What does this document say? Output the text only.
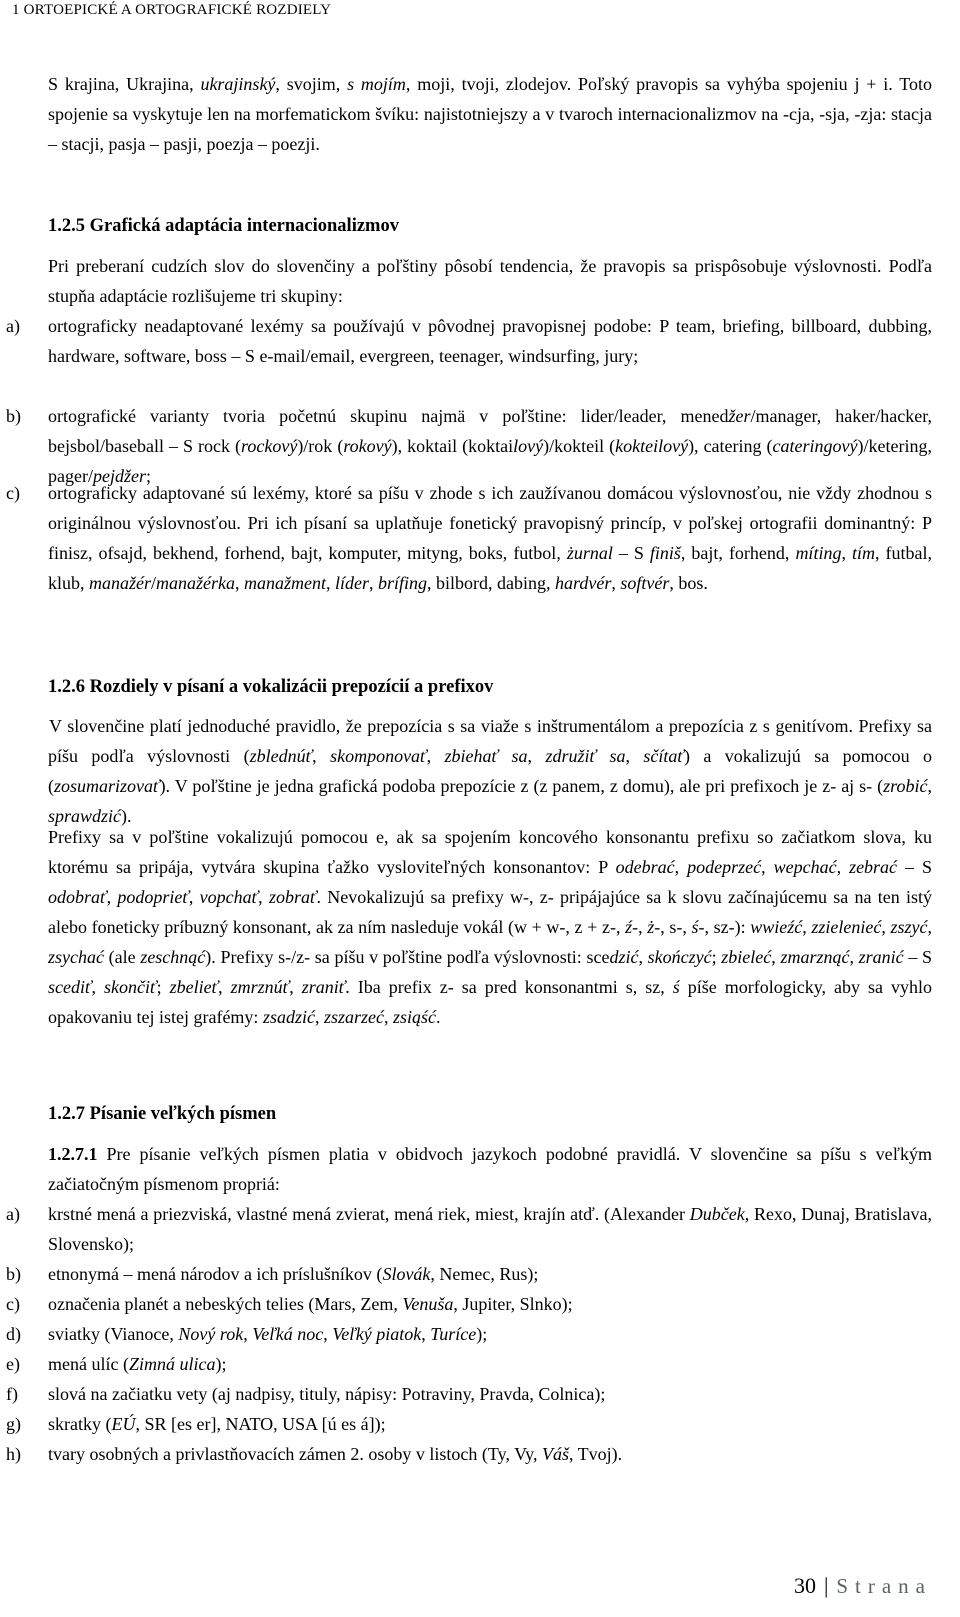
1 ORTOEPICKÉ A ORTOGRAFICKÉ ROZDIELY
S krajina, Ukrajina, ukrajinský, svojim, s mojím, moji, tvoji, zlodejov. Poľský pravopis sa vyhýba spojeniu j + i. Toto spojenie sa vyskytuje len na morfematickom švíku: najistotniejszy a v tvaroch internacionalizmov na -cja, -sja, -zja: stacja – stacji, pasja – pasji, poezja – poezji.
1.2.5 Grafická adaptácia internacionalizmov
Pri preberaní cudzích slov do slovenčiny a poľštiny pôsobí tendencia, že pravopis sa prispôsobuje výslovnosti. Podľa stupňa adaptácie rozlišujeme tri skupiny:
a)	ortograficky neadaptované lexémy sa používajú v pôvodnej pravopisnej podobe: P team, briefing, billboard, dubbing, hardware, software, boss – S e-mail/email, evergreen, teenager, windsurfing, jury;
b)	ortografické varianty tvoria početnú skupinu najmä v poľštine: lider/leader, menedžer/manager, haker/hacker, bejsbol/baseball – S rock (rockový)/rok (rokový), koktail (koktailový)/kokteil (kokteilový), catering (cateringový)/ketering, pager/pejdžer;
c)	ortograficky adaptované sú lexémy, ktoré sa píšu v zhode s ich zaužívanou domácou výslovnosťou, nie vždy zhodnou s originálnou výslovnosťou. Pri ich písaní sa uplatňuje fonetický pravopisný princíp, v poľskej ortografii dominantný: P finisz, ofsajd, bekhend, forhend, bajt, komputer, mityng, boks, futbol, żurnal – S finiš, bajt, forhend, míting, tím, futbal, klub, manažér/manažérka, manažment, líder, brífing, bilbord, dabing, hardvér, softvér, bos.
1.2.6 Rozdiely v písaní a vokalizácii prepozícií a prefixov
V slovenčine platí jednoduché pravidlo, že prepozícia s sa viaže s inštrumentálom a prepozícia z s genitívom. Prefixy sa píšu podľa výslovnosti (zblednúť, skomponovať, zbiehať sa, združiť sa, sčítať) a vokalizujú sa pomocou o (zosumarizovať). V poľštine je jedna grafická podoba prepozície z (z panem, z domu), ale pri prefixoch je z- aj s- (zrobić, sprawdzić).
Prefixy sa v poľštine vokalizujú pomocou e, ak sa spojením koncového konsonantu prefixu so začiatkom slova, ku ktorému sa pripája, vytvára skupina ťažko vysloviteľných konsonantov: P odebrać, podeprzeć, wepchać, zebrać – S odobrať, podoprieť, vopchať, zobrať. Nevokalizujú sa prefixy w-, z- pripájajúce sa k slovu začínajúcemu sa na ten istý alebo foneticky príbuzný konsonant, ak za ním nasleduje vokál (w + w-, z + z-, ź-, ż-, s-, ś-, sz-): wwieźć, zzielenieć, zszyć, zsychać (ale zeschnąć). Prefixy s-/z- sa píšu v poľštine podľa výslovnosti: scedzić, skończyć; zbieleć, zmarznąć, zranić – S scediť, skončiť; zbelieť, zmrznúť, zraniť. Iba prefix z- sa pred konsonantmi s, sz, ś píše morfologicky, aby sa vyhlo opakovaniu tej istej grafémy: zsadzić, zszarzeć, zsiąść.
1.2.7 Písanie veľkých písmen
1.2.7.1 Pre písanie veľkých písmen platia v obidvoch jazykoch podobné pravidlá. V slovenčine sa píšu s veľkým začiatočným písmenom propriá:
a)	krstné mená a priezviská, vlastné mená zvierat, mená riek, miest, krajín atď. (Alexander Dubček, Rexo, Dunaj, Bratislava, Slovensko);
b)	etnonymá – mená národov a ich príslušníkov (Slovák, Nemec, Rus);
c)	označenia planét a nebeských telies (Mars, Zem, Venuša, Jupiter, Slnko);
d)	sviatky (Vianoce, Nový rok, Veľká noc, Veľký piatok, Turíce);
e)	mená ulíc (Zimná ulica);
f)	slová na začiatku vety (aj nadpisy, tituly, nápisy: Potraviny, Pravda, Colnica);
g)	skratky (EÚ, SR [es er], NATO, USA [ú es á]);
h)	tvary osobných a privlastňovacích zámen 2. osoby v listoch (Ty, Vy, Váš, Tvoj).
30 | Strana
